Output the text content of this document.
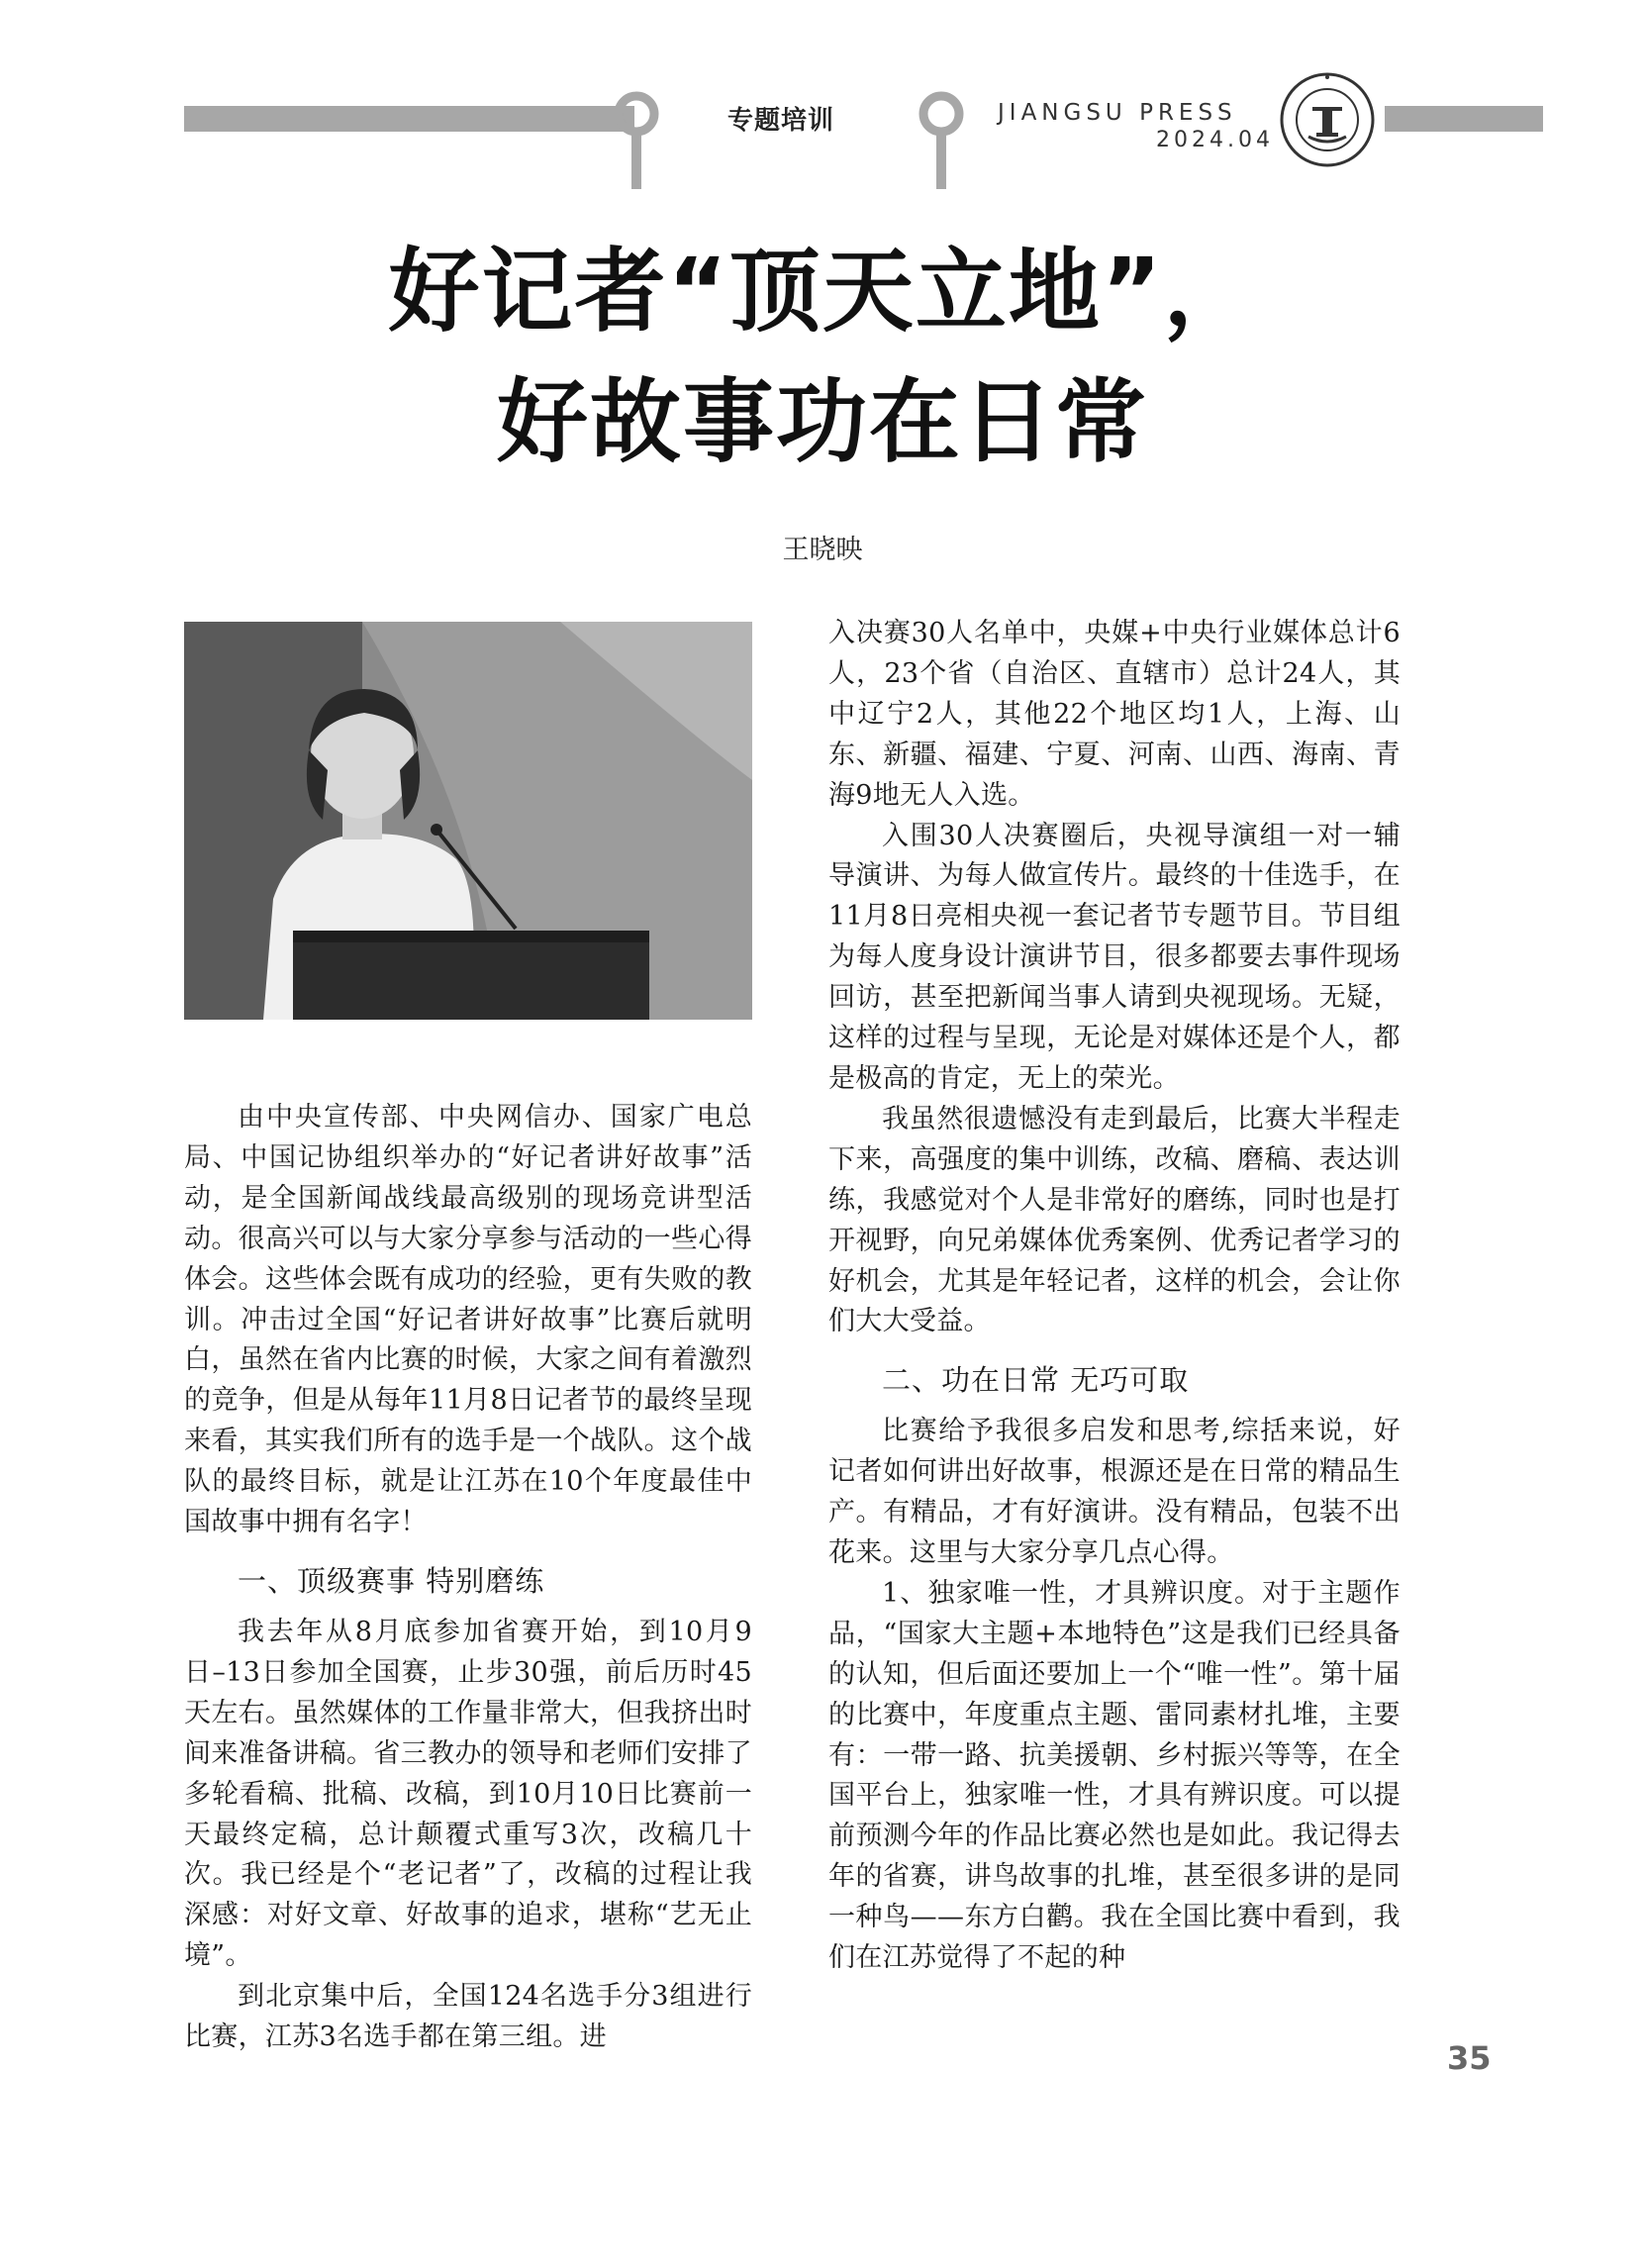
专题培训	JIANGSU PRESS
2024.04
好记者“顶天立地”，
好故事功在日常
王晓映

由中央宣传部、中央网信办、国家广电总局、中国记协组织举办的“好记者讲好故事”活动，是全国新闻战线最高级别的现场竞讲型活动。很高兴可以与大家分享参与活动的一些心得体会。这些体会既有成功的经验，更有失败的教训。冲击过全国“好记者讲好故事”比赛后就明白，虽然在省内比赛的时候，大家之间有着激烈的竞争，但是从每年11月8日记者节的最终呈现来看，其实我们所有的选手是一个战队。这个战队的最终目标，就是让江苏在10个年度最佳中国故事中拥有名字！

一、顶级赛事 特别磨练

我去年从8月底参加省赛开始，到10月9日–13日参加全国赛，止步30强，前后历时45天左右。虽然媒体的工作量非常大，但我挤出时间来准备讲稿。省三教办的领导和老师们安排了多轮看稿、批稿、改稿，到10月10日比赛前一天最终定稿，总计颠覆式重写3次，改稿几十次。我已经是个“老记者”了，改稿的过程让我深感：对好文章、好故事的追求，堪称“艺无止境”。

到北京集中后，全国124名选手分3组进行比赛，江苏3名选手都在第三组。进

入决赛30人名单中，央媒+中央行业媒体总计6人，23个省（自治区、直辖市）总计24人，其中辽宁2人，其他22个地区均1人，上海、山东、新疆、福建、宁夏、河南、山西、海南、青海9地无人入选。

入围30人决赛圈后，央视导演组一对一辅导演讲、为每人做宣传片。最终的十佳选手，在11月8日亮相央视一套记者节专题节目。节目组为每人度身设计演讲节目，很多都要去事件现场回访，甚至把新闻当事人请到央视现场。无疑，这样的过程与呈现，无论是对媒体还是个人，都是极高的肯定，无上的荣光。

我虽然很遗憾没有走到最后，比赛大半程走下来，高强度的集中训练，改稿、磨稿、表达训练，我感觉对个人是非常好的磨练，同时也是打开视野，向兄弟媒体优秀案例、优秀记者学习的好机会，尤其是年轻记者，这样的机会，会让你们大大受益。

二、功在日常 无巧可取

比赛给予我很多启发和思考,综括来说，好记者如何讲出好故事，根源还是在日常的精品生产。有精品，才有好演讲。没有精品，包装不出花来。这里与大家分享几点心得。

1、独家唯一性，才具辨识度。对于主题作品，“国家大主题+本地特色”这是我们已经具备的认知，但后面还要加上一个“唯一性”。第十届的比赛中，年度重点主题、雷同素材扎堆，主要有：一带一路、抗美援朝、乡村振兴等等，在全国平台上，独家唯一性，才具有辨识度。可以提前预测今年的作品比赛必然也是如此。我记得去年的省赛，讲鸟故事的扎堆，甚至很多讲的是同一种鸟——东方白鹳。我在全国比赛中看到，我们在江苏觉得了不起的种

35
